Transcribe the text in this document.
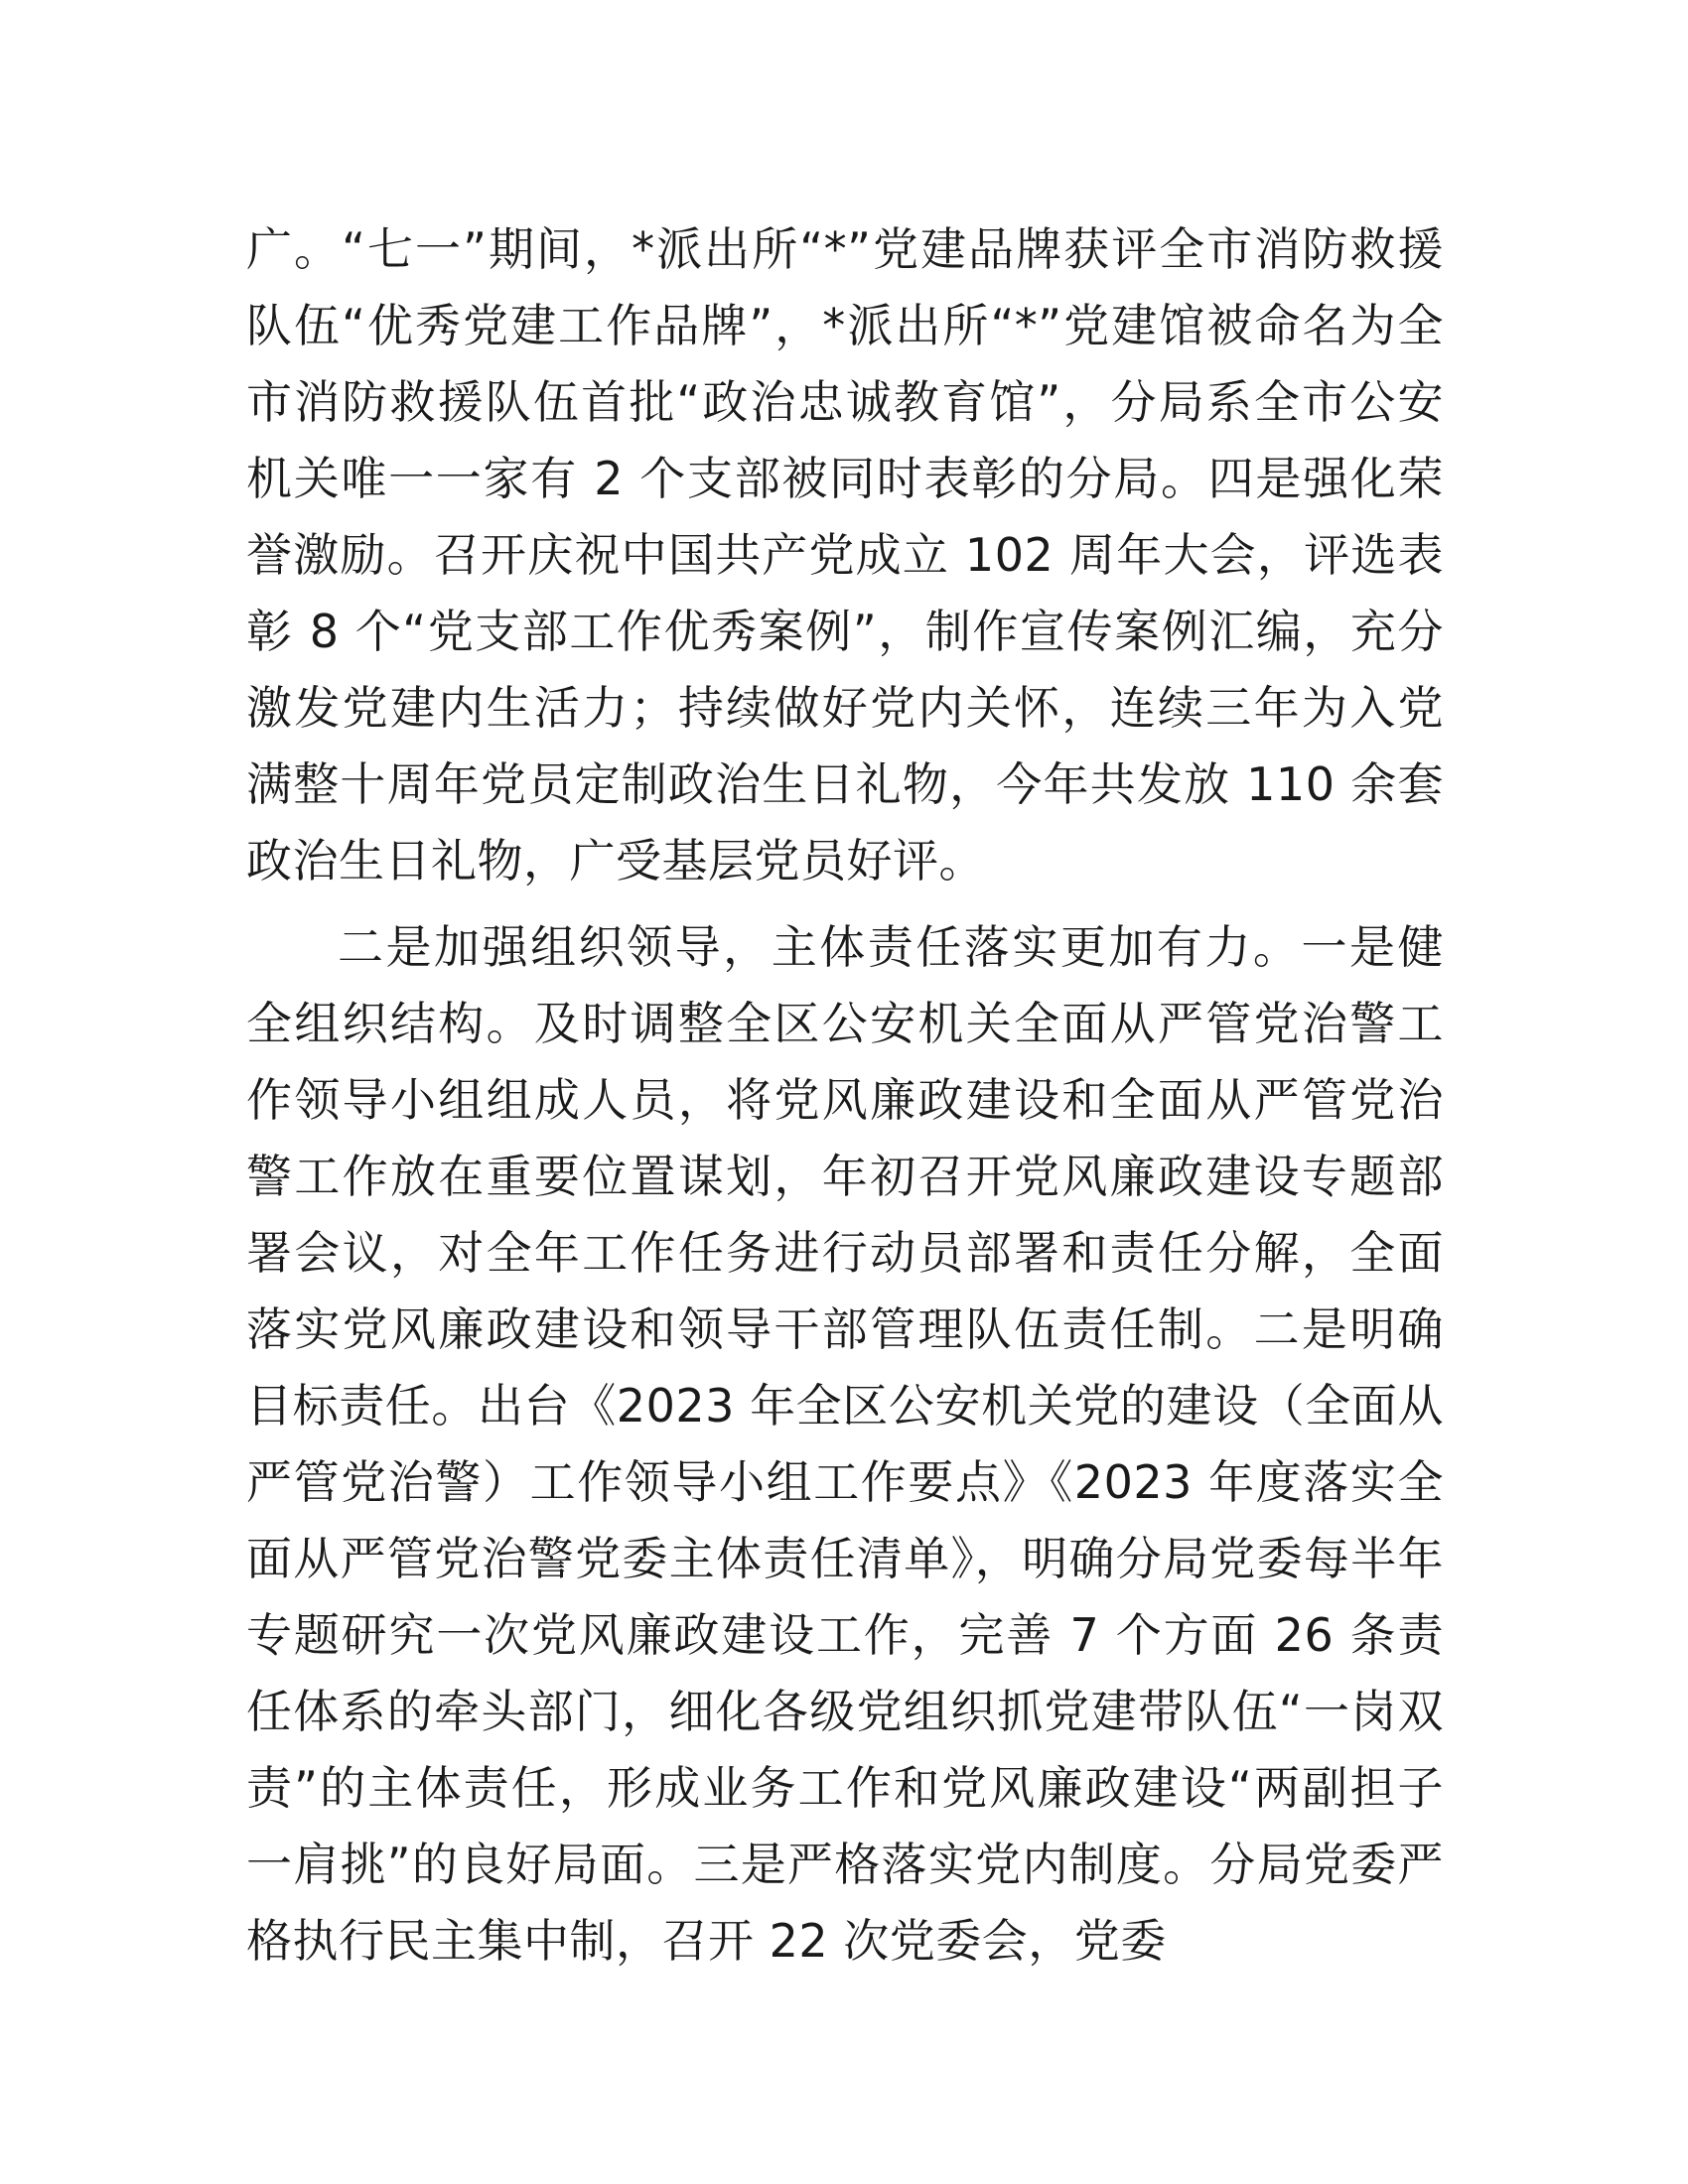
广。“七一”期间，*派出所“*”党建品牌获评全市消防救援队伍“优秀党建工作品牌”，*派出所“*”党建馆被命名为全市消防救援队伍首批“政治忠诚教育馆”，分局系全市公安机关唯一一家有 2 个支部被同时表彰的分局。四是强化荣誉激励。召开庆祝中国共产党成立 102 周年大会，评选表彰 8 个“党支部工作优秀案例”，制作宣传案例汇编，充分激发党建内生活力；持续做好党内关怀，连续三年为入党满整十周年党员定制政治生日礼物，今年共发放 110 余套政治生日礼物，广受基层党员好评。

二是加强组织领导，主体责任落实更加有力。一是健全组织结构。及时调整全区公安机关全面从严管党治警工作领导小组组成人员，将党风廉政建设和全面从严管党治警工作放在重要位置谋划，年初召开党风廉政建设专题部署会议，对全年工作任务进行动员部署和责任分解，全面落实党风廉政建设和领导干部管理队伍责任制。二是明确目标责任。出台《2023 年全区公安机关党的建设（全面从严管党治警）工作领导小组工作要点》《2023 年度落实全面从严管党治警党委主体责任清单》，明确分局党委每半年专题研究一次党风廉政建设工作，完善 7 个方面 26 条责任体系的牵头部门，细化各级党组织抓党建带队伍“一岗双责”的主体责任，形成业务工作和党风廉政建设“两副担子一肩挑”的良好局面。三是严格落实党内制度。分局党委严格执行民主集中制，召开 22 次党委会，党委
